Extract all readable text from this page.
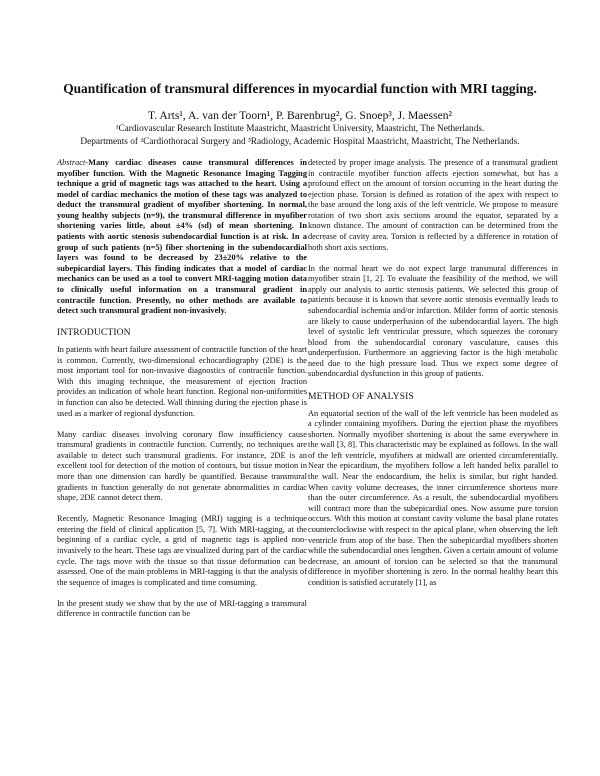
Quantification of transmural differences in myocardial function with MRI tagging.
T. Arts¹, A. van der Toorn¹, P. Barenbrug², G. Snoep³, J. Maessen²
¹Cardiovascular Research Institute Maastricht, Maastricht University, Maastricht, The Netherlands.
Departments of ²Cardiothoracal Surgery and ³Radiology, Academic Hospital Maastricht, Maastricht, The Netherlands.

Abstract-Many cardiac diseases cause transmural differences in myofiber function. With the Magnetic Resonance Imaging Tagging technique a grid of magnetic tags was attached to the heart. Using a model of cardiac mechanics the motion of these tags was analyzed to deduct the transmural gradient of myofiber shortening. In normal, young healthy subjects (n=9), the transmural difference in myofiber shortening varies little, about ±4% (sd) of mean shortening. In patients with aortic stenosis subendocardial function is at risk. In a group of such patients (n=5) fiber shortening in the subendocardial layers was found to be decreased by 23±20% relative to the subepicardial layers. This finding indicates that a model of cardiac mechanics can be used as a tool to convert MRI-tagging motion data to clinically useful information on a transmural gradient in contractile function. Presently, no other methods are available to detect such transmural gradient non-invasively.

INTRODUCTION

In patients with heart failure assessment of contractile function of the heart is common. Currently, two-dimensional echocardiography (2DE) is the most important tool for non-invasive diagnostics of contractile function. With this imaging technique, the measurement of ejection fraction provides an indication of whole heart function. Regional non-uniformities in function can also be detected. Wall thinning during the ejection phase is used as a marker of regional dysfunction.

Many cardiac diseases involving coronary flow insufficiency cause transmural gradients in contractile function. Currently, no techniques are available to detect such transmural gradients. For instance, 2DE is an excellent tool for detection of the motion of contours, but tissue motion in more than one dimension can hardly be quantified. Because transmural gradients in function generally do not generate abnormalities in cardiac shape, 2DE cannot detect them.

Recently, Magnetic Resonance Imaging (MRI) tagging is a technique entering the field of clinical application [5, 7]. With MRI-tagging, at the beginning of a cardiac cycle, a grid of magnetic tags is applied non-invasively to the heart. These tags are visualized during part of the cardiac cycle. The tags move with the tissue so that tissue deformation can be assessed. One of the main problems in MRI-tagging is that the analysis of the sequence of images is complicated and time consuming.

In the present study we show that by the use of MRI-tagging a transmural difference in contractile function can be

detected by proper image analysis. The presence of a transmural gradient in contractile myofiber function affects ejection somewhat, but has a profound effect on the amount of torsion occurring in the heart during the ejection phase. Torsion is defined as rotation of the apex with respect to the base around the long axis of the left ventricle. We propose to measure rotation of two short axis sections around the equator, separated by a known distance. The amount of contraction can be determined from the decrease of cavity area. Torsion is reflected by a difference in rotation of both short axis sections.

In the normal heart we do not expect large transmural differences in myofiber strain [1, 2]. To evaluate the feasibility of the method, we will apply our analysis to aortic stenosis patients. We selected this group of patients because it is known that severe aortic stenosis eventually leads to subendocardial ischemia and/or infarction. Milder forms of aortic stenosis are likely to cause underperfusion of the subendocardial layers. The high level of systolic left ventricular pressure, which squeezes the coronary blood from the subendocardial coronary vasculature, causes this underperfusion. Furthermore an aggrieving factor is the high metabolic need due to the high pressure load. Thus we expect some degree of subendocardial dysfunction in this group of patients.

METHOD OF ANALYSIS

An equatorial section of the wall of the left ventricle has been modeled as a cylinder containing myofibers. During the ejection phase the myofibers shorten. Normally myofiber shortening is about the same everywhere in the wall [3, 8]. This characteristic may be explained as follows. In the wall of the left ventricle, myofibers at midwall are oriented circumferentially. Near the epicardium, the myofibers follow a left handed helix parallel to the wall. Near the endocardium, the helix is similar, but right handed. When cavity volume decreases, the inner circumference shortens more than the outer circumference. As a result, the subendocardial myofibers will contract more than the subepicardial ones. Now assume pure torsion occurs. With this motion at constant cavity volume the basal plane rotates counterclockwise with respect to the apical plane, when observing the left ventricle from atop of the base. Then the subepicardial myofibers shorten while the subendocardial ones lengthen. Given a certain amount of volume decrease, an amount of torsion can be selected so that the transmural difference in myofiber shortening is zero. In the normal healthy heart this condition is satisfied accurately [1], as
